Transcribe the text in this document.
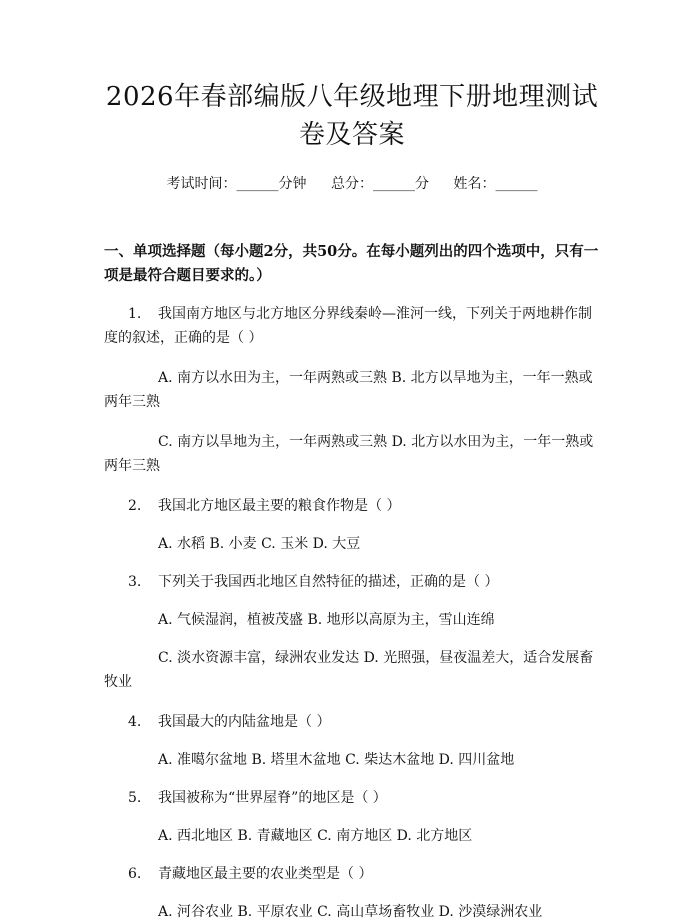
2026年春部编版八年级地理下册地理测试卷及答案
考试时间：______分钟 总分：______分 姓名：______
一、单项选择题（每小题2分，共50分。在每小题列出的四个选项中，只有一项是最符合题目要求的。）
1. 我国南方地区与北方地区分界线秦岭—淮河一线，下列关于两地耕作制度的叙述，正确的是（ ）
A. 南方以水田为主，一年两熟或三熟 B. 北方以旱地为主，一年一熟或两年三熟
C. 南方以旱地为主，一年两熟或三熟 D. 北方以水田为主，一年一熟或两年三熟
2. 我国北方地区最主要的粮食作物是（ ）
A. 水稻 B. 小麦 C. 玉米 D. 大豆
3. 下列关于我国西北地区自然特征的描述，正确的是（ ）
A. 气候湿润，植被茂盛 B. 地形以高原为主，雪山连绵
C. 淡水资源丰富，绿洲农业发达 D. 光照强，昼夜温差大，适合发展畜牧业
4. 我国最大的内陆盆地是（ ）
A. 准噶尔盆地 B. 塔里木盆地 C. 柴达木盆地 D. 四川盆地
5. 我国被称为“世界屋脊”的地区是（ ）
A. 西北地区 B. 青藏地区 C. 南方地区 D. 北方地区
6. 青藏地区最主要的农业类型是（ ）
A. 河谷农业 B. 平原农业 C. 高山草场畜牧业 D. 沙漠绿洲农业
